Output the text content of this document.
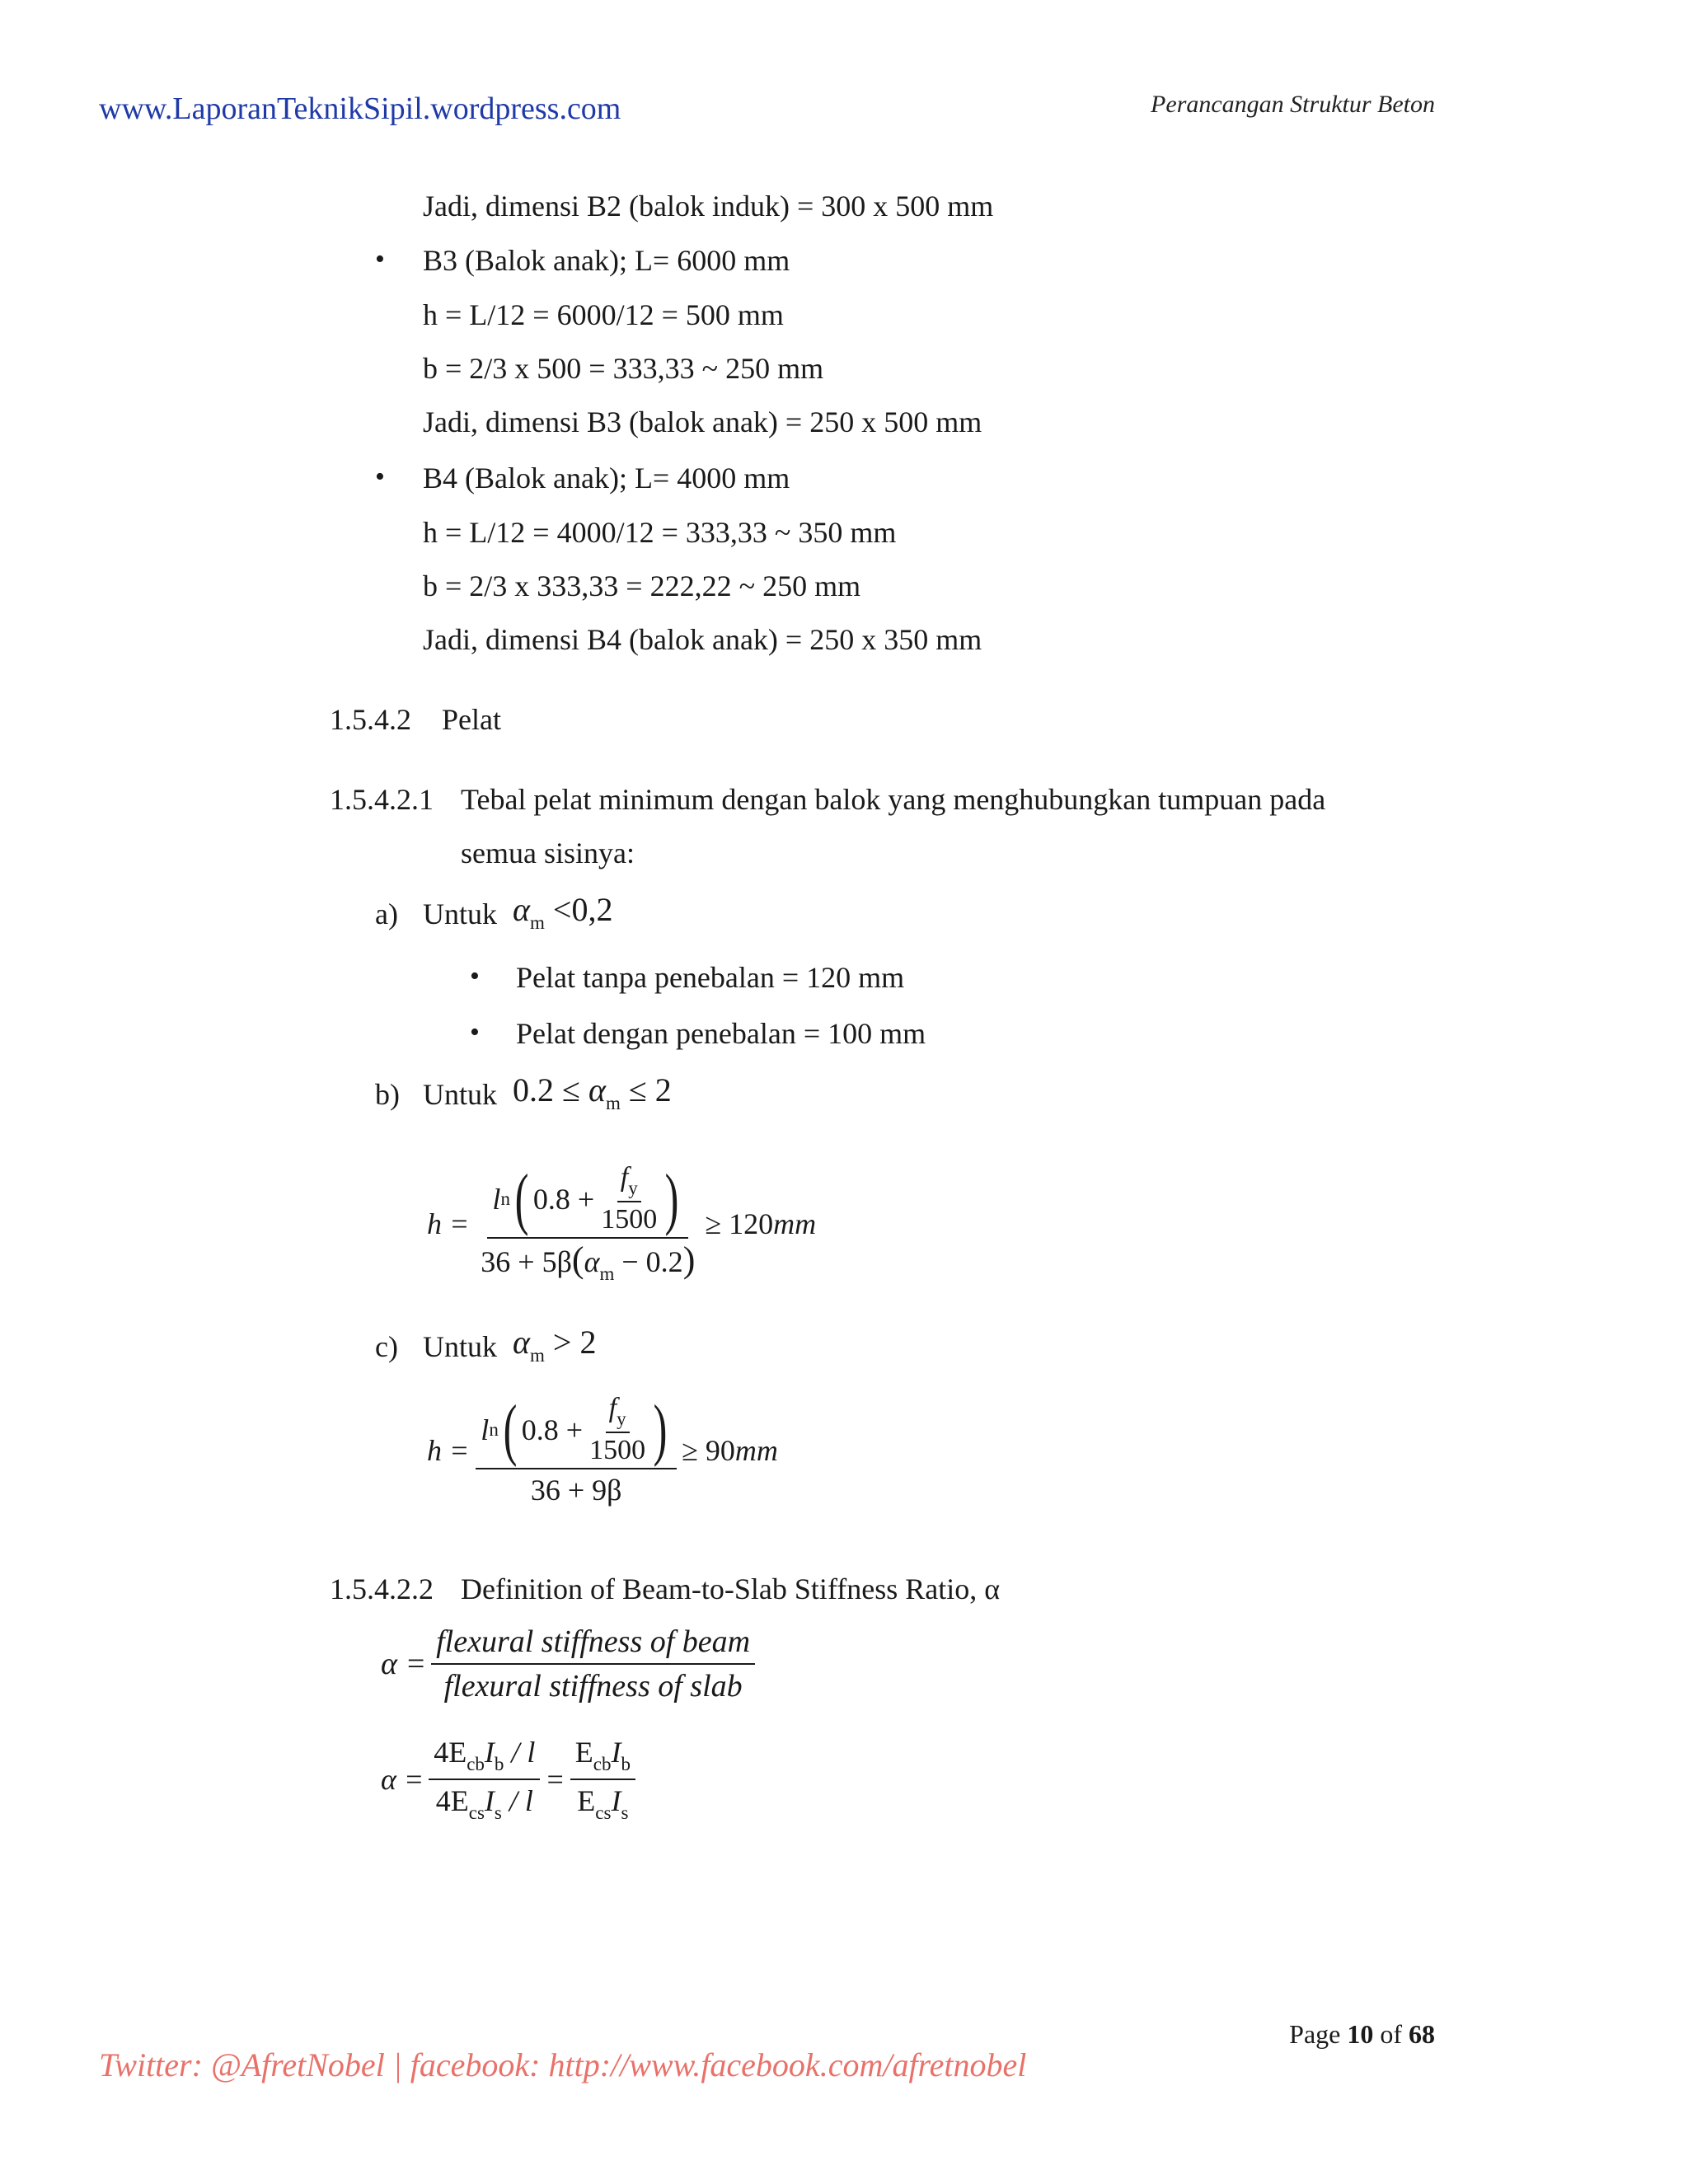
www.LaporanTeknikSipil.wordpress.com	Perancangan Struktur Beton
Jadi, dimensi B2 (balok induk) = 300 x 500 mm
• B3 (Balok anak); L= 6000 mm
h = L/12 = 6000/12 = 500 mm
b = 2/3 x 500 = 333,33 ~ 250 mm
Jadi, dimensi B3 (balok anak) = 250 x 500 mm
• B4 (Balok anak); L= 4000 mm
h = L/12 = 4000/12 = 333,33 ~ 350 mm
b = 2/3 x 333,33 = 222,22 ~ 250 mm
Jadi, dimensi B4 (balok anak) = 250 x 350 mm
1.5.4.2 Pelat
1.5.4.2.1 Tebal pelat minimum dengan balok yang menghubungkan tumpuan pada
semua sisinya:
a) Untuk $\alpha_m <0,2$
• Pelat tanpa penebalan = 120 mm
• Pelat dengan penebalan = 100 mm
b) Untuk $0.2 \le \alpha_m \le 2$
h =
l n ( $0.8 + \frac{f_y}{1500}$ )
$36 + 5\beta(\alpha_m - 0.2)$
≥ 120 mm
c) Untuk $\alpha_m > 2$
h =
l n ( $0.8 + \frac{f_y}{1500}$ )
36 + 9β
≥ 90 mm
1.5.4.2.2 Definition of Beam-to-Slab Stiffness Ratio, α
$\alpha = \frac{\text{flexural stiffness of beam}}{\text{flexural stiffness of slab}}$
$\alpha = \frac{4E_{cb}I_b / l}{4E_{cs}I_s / l} = \frac{E_{cb}I_b}{E_{cs}I_s}$
Page 10 of 68
Twitter: @AfretNobel | facebook: http://www.facebook.com/afretnobel
